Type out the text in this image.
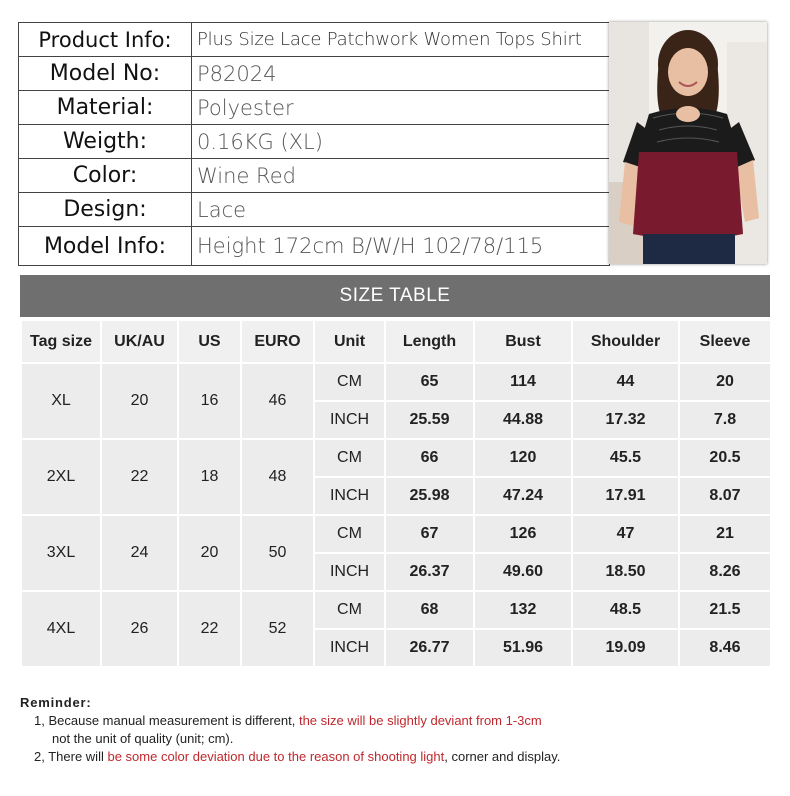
Product Info:	Plus Size Lace Patchwork Women Tops Shirt
Model No:	P82024
Material:	Polyester
Weigth:	0.16KG (XL)
Color:	Wine Red
Design:	Lace
Model Info:	Height 172cm B/W/H 102/78/115
SIZE TABLE
Tag size	UK/AU	US	EURO	Unit	Length	Bust	Shoulder	Sleeve
XL	20	16	46	CM	65	114	44	20
				INCH	25.59	44.88	17.32	7.8
2XL	22	18	48	CM	66	120	45.5	20.5
				INCH	25.98	47.24	17.91	8.07
3XL	24	20	50	CM	67	126	47	21
				INCH	26.37	49.60	18.50	8.26
4XL	26	22	52	CM	68	132	48.5	21.5
				INCH	26.77	51.96	19.09	8.46
Reminder:
1, Because manual measurement is different, the size will be slightly deviant from 1-3cm
not the unit of quality (unit; cm).
2, There will be some color deviation due to the reason of shooting light, corner and display.
